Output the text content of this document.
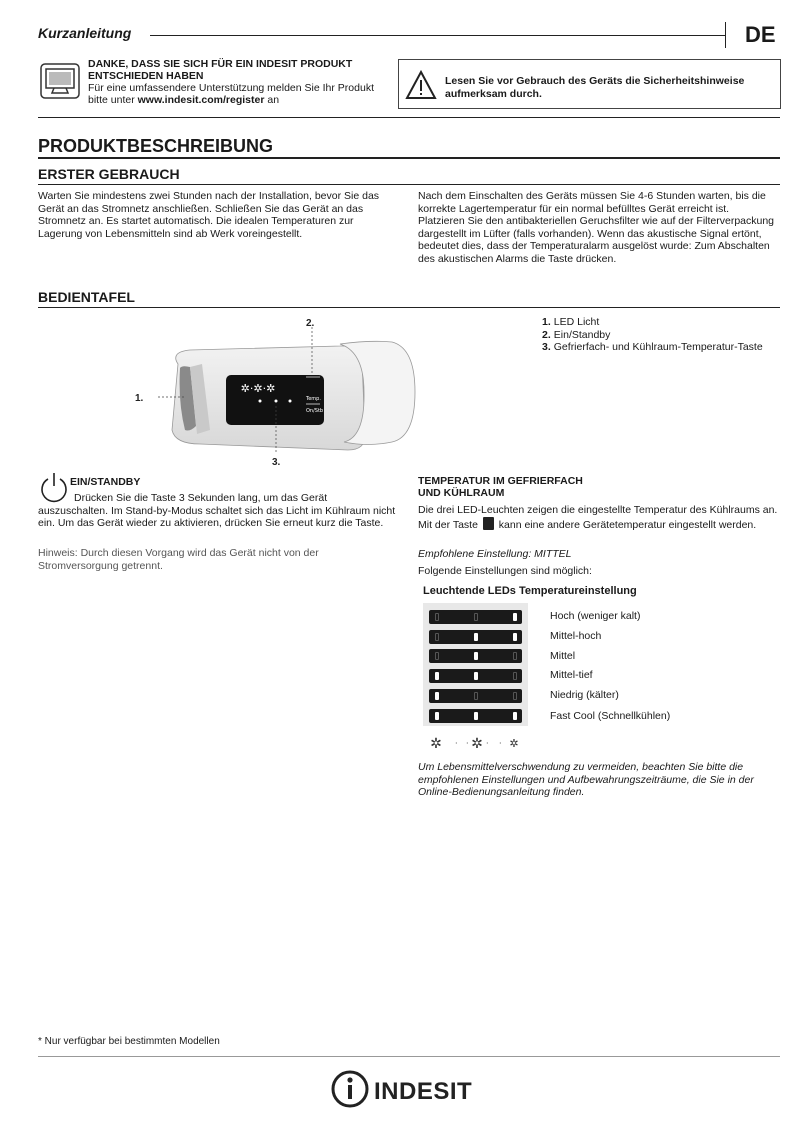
Kurzanleitung	DE
DANKE, DASS SIE SICH FÜR EIN INDESIT PRODUKT
ENTSCHIEDEN HABEN
Für eine umfassendere Unterstützung melden Sie Ihr Produkt bitte unter www.indesit.com/register an
Lesen Sie vor Gebrauch des Geräts die Sicherheitshinweise aufmerksam durch.
PRODUKTBESCHREIBUNG
ERSTER GEBRAUCH
Warten Sie mindestens zwei Stunden nach der Installation, bevor Sie das Gerät an das Stromnetz anschließen. Schließen Sie das Gerät an das Stromnetz an. Es startet automatisch. Die idealen Temperaturen zur Lagerung von Lebensmitteln sind ab Werk voreingestellt.
Nach dem Einschalten des Geräts müssen Sie 4-6 Stunden warten, bis die korrekte Lagertemperatur für ein normal befülltes Gerät erreicht ist. Platzieren Sie den antibakteriellen Geruchsfilter wie auf der Filterverpackung dargestellt im Lüfter (falls vorhanden). Wenn das akustische Signal ertönt, bedeutet dies, dass der Temperaturalarm ausgelöst wurde: Zum Abschalten des akustischen Alarms die Taste drücken.
BEDIENTAFEL
✲·✲·✲
Temp.
On/Stb
2.
1.
3.
1. LED Licht
2. Ein/Standby
3. Gefrierfach- und Kühlraum-Temperatur-Taste
EIN/STANDBY
Drücken Sie die Taste 3 Sekunden lang, um das Gerät
auszuschalten. Im Stand-by-Modus schaltet sich das Licht im Kühlraum nicht ein. Um das Gerät wieder zu aktivieren, drücken Sie erneut kurz die Taste.
Hinweis: Durch diesen Vorgang wird das Gerät nicht von der Stromversorgung getrennt.
TEMPERATUR IM GEFRIERFACH
UND KÜHLRAUM
Die drei LED-Leuchten zeigen die eingestellte Temperatur des Kühlraums an. Mit der Taste  kann eine andere Gerätetemperatur eingestellt werden.
Empfohlene Einstellung: MITTEL
Folgende Einstellungen sind möglich:
Leuchtende LEDs Temperatureinstellung
Hoch (weniger kalt)
Mittel-hoch
Mittel
Mittel-tief
Niedrig (kälter)
Fast Cool (Schnellkühlen)
✲ · · ✲ · · ✲
Um Lebensmittelverschwendung zu vermeiden, beachten Sie bitte die empfohlenen Einstellungen und Aufbewahrungszeiträume, die Sie in der Online-Bedienungsanleitung finden.
* Nur verfügbar bei bestimmten Modellen
INDESIT
